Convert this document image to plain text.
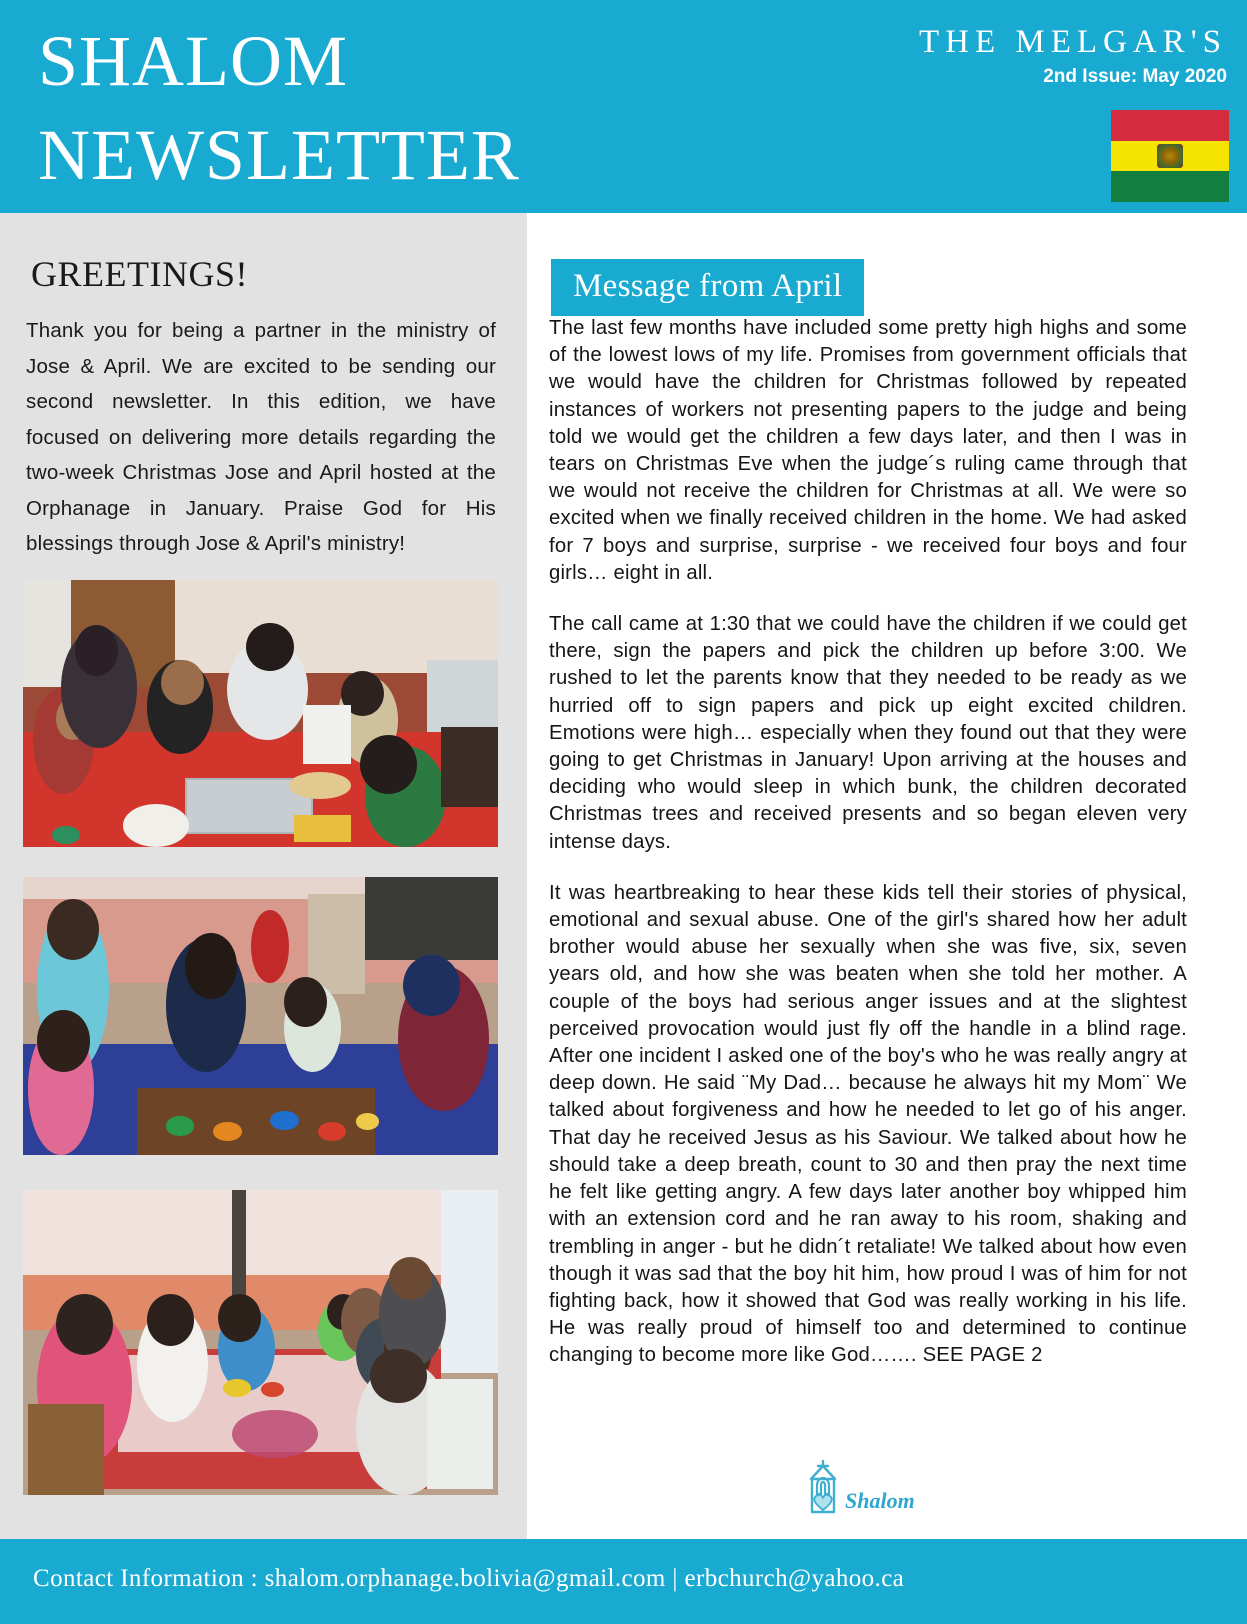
SHALOM
NEWSLETTER
THE MELGAR'S
2nd Issue: May 2020
GREETINGS!
Thank you for being a partner in the ministry of Jose & April. We are excited to be sending our second newsletter. In this edition, we have focused on delivering more details regarding the two-week Christmas Jose and April hosted at the Orphanage in January. Praise God for His blessings through Jose & April's ministry!
Message from April

The last few months have included some pretty high highs and some of the lowest lows of my life. Promises from government officials that we would have the children for Christmas followed by repeated instances of workers not presenting papers to the judge and being told we would get the children a few days later, and then I was in tears on Christmas Eve when the judge´s ruling came through that we would not receive the children for Christmas at all. We were so excited when we finally received children in the home. We had asked for 7 boys and surprise, surprise - we received four boys and four girls… eight in all.

The call came at 1:30 that we could have the children if we could get there, sign the papers and pick the children up before 3:00. We rushed to let the parents know that they needed to be ready as we hurried off to sign papers and pick up eight excited children. Emotions were high… especially when they found out that they were going to get Christmas in January! Upon arriving at the houses and deciding who would sleep in which bunk, the children decorated Christmas trees and received presents and so began eleven very intense days.

It was heartbreaking to hear these kids tell their stories of physical, emotional and sexual abuse. One of the girl's shared how her adult brother would abuse her sexually when she was five, six, seven years old, and how she was beaten when she told her mother. A couple of the boys had serious anger issues and at the slightest perceived provocation would just fly off the handle in a blind rage. After one incident I asked one of the boy's who he was really angry at deep down. He said ¨My Dad… because he always hit my Mom¨ We talked about forgiveness and how he needed to let go of his anger. That day he received Jesus as his Saviour. We talked about how he should take a deep breath, count to 30 and then pray the next time he felt like getting angry. A few days later another boy whipped him with an extension cord and he ran away to his room, shaking and trembling in anger - but he didn´t retaliate! We talked about how even though it was sad that the boy hit him, how proud I was of him for not fighting back, how it showed that God was really working in his life. He was really proud of himself too and determined to continue changing to become more like God……. SEE PAGE 2

Shalom
Contact Information : shalom.orphanage.bolivia@gmail.com | erbchurch@yahoo.ca
